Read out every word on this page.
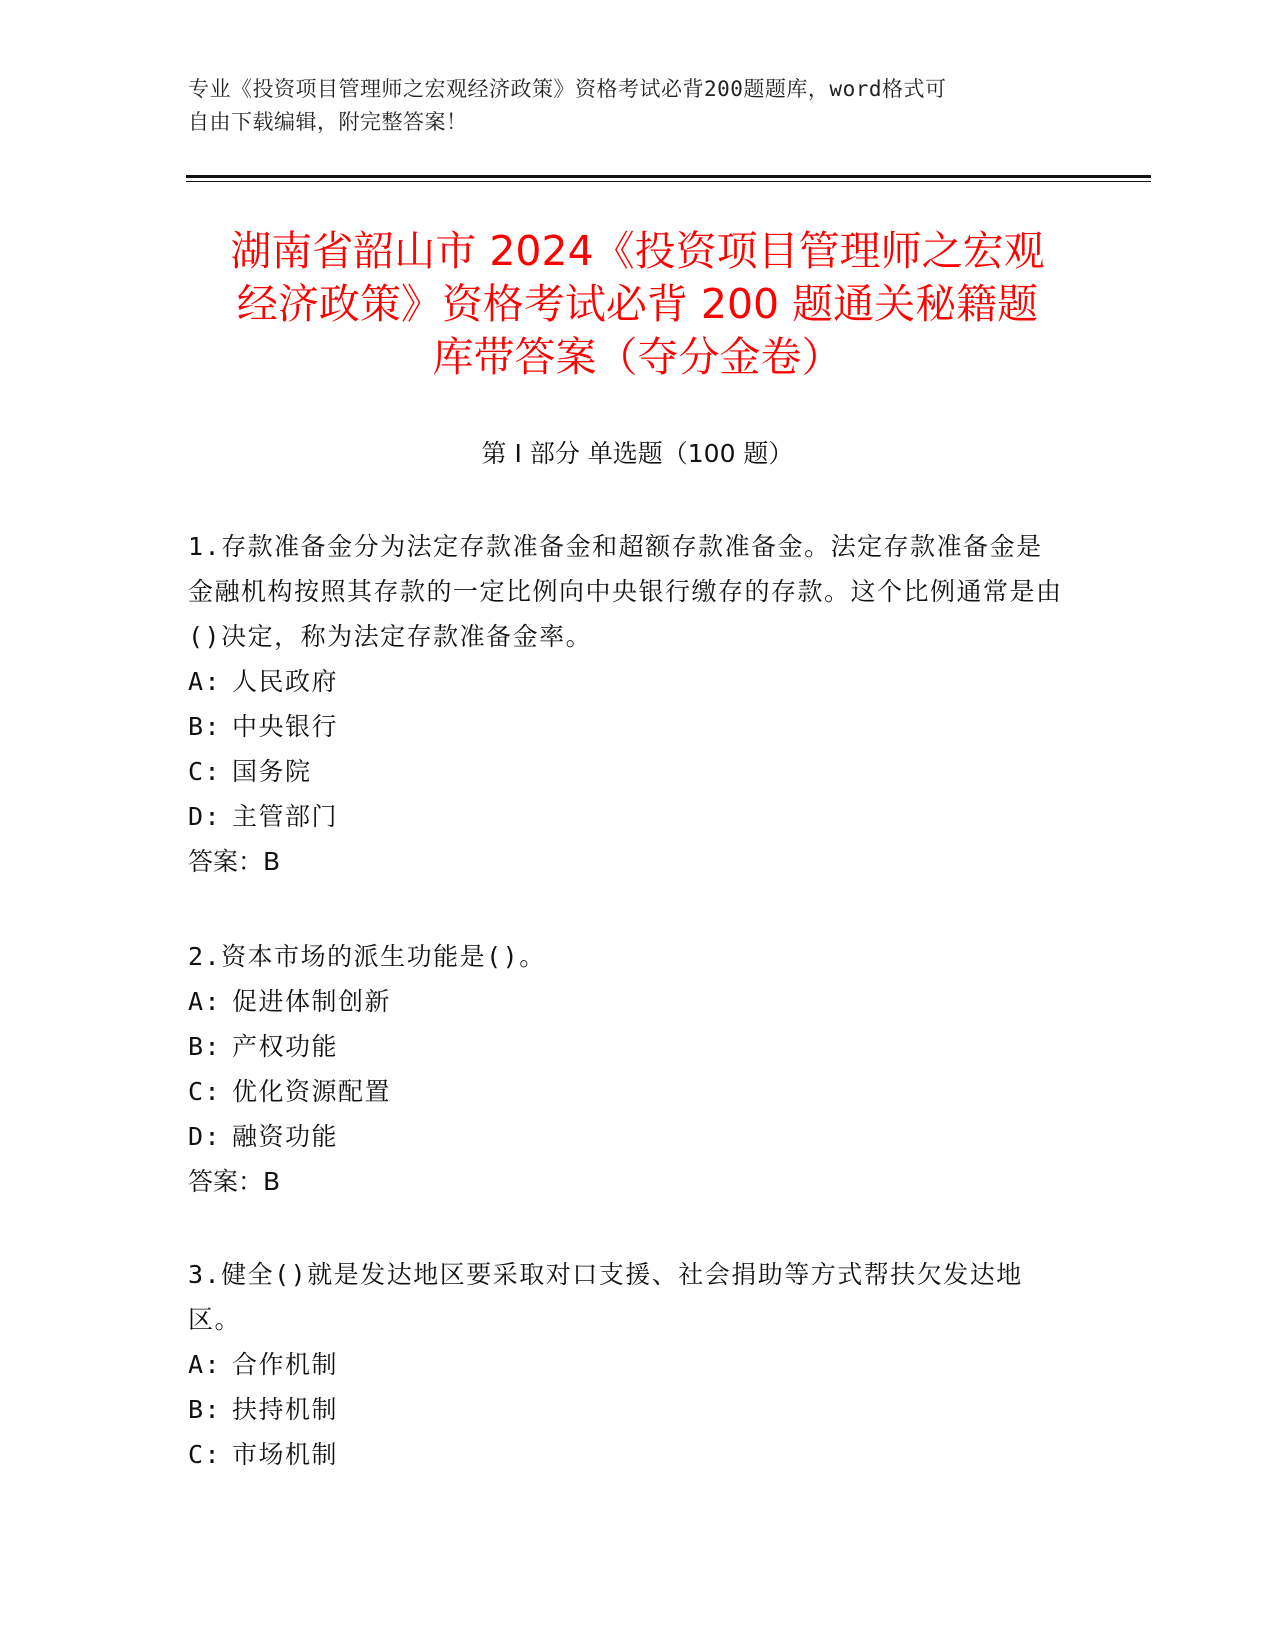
专业《投资项目管理师之宏观经济政策》资格考试必背200题题库，word格式可
自由下载编辑，附完整答案！
湖南省韶山市 2024《投资项目管理师之宏观
经济政策》资格考试必背 200 题通关秘籍题
库带答案（夺分金卷）
第 I 部分 单选题（100 题）

1.存款准备金分为法定存款准备金和超额存款准备金。法定存款准备金是金融机构按照其存款的一定比例向中央银行缴存的存款。这个比例通常是由()决定，称为法定存款准备金率。

A: 人民政府

B: 中央银行

C: 国务院

D: 主管部门

答案：B

2.资本市场的派生功能是()。

A: 促进体制创新

B: 产权功能

C: 优化资源配置

D: 融资功能

答案：B

3.健全()就是发达地区要采取对口支援、社会捐助等方式帮扶欠发达地区。

A: 合作机制

B: 扶持机制

C: 市场机制
